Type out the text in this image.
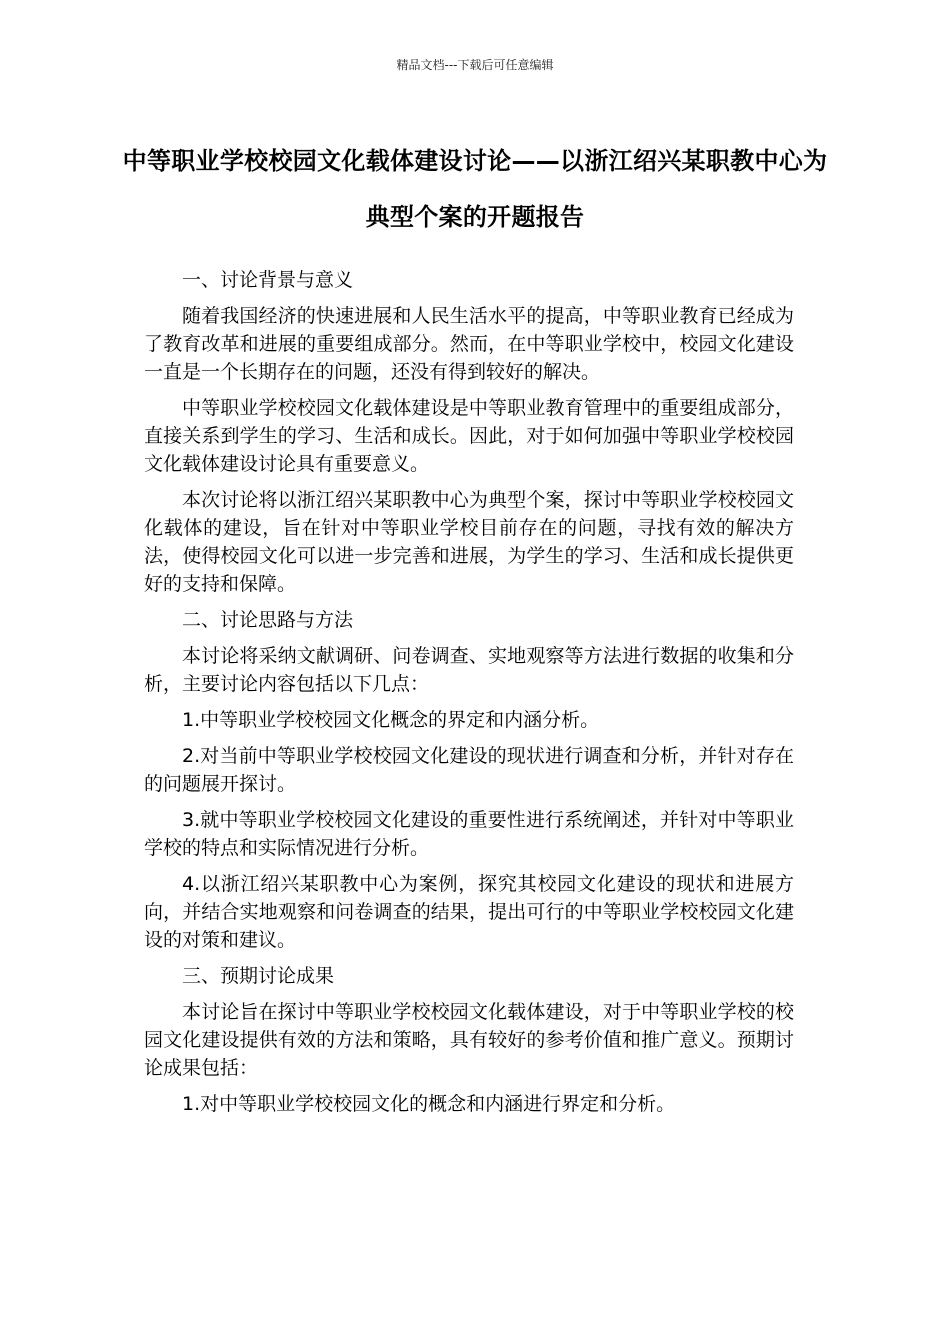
精品文档---下载后可任意编辑
中等职业学校校园文化载体建设讨论——以浙江绍兴某职教中心为典型个案的开题报告

一、讨论背景与意义

随着我国经济的快速进展和人民生活水平的提高，中等职业教育已经成为了教育改革和进展的重要组成部分。然而，在中等职业学校中，校园文化建设一直是一个长期存在的问题，还没有得到较好的解决。

中等职业学校校园文化载体建设是中等职业教育管理中的重要组成部分，直接关系到学生的学习、生活和成长。因此，对于如何加强中等职业学校校园文化载体建设讨论具有重要意义。

本次讨论将以浙江绍兴某职教中心为典型个案，探讨中等职业学校校园文化载体的建设，旨在针对中等职业学校目前存在的问题，寻找有效的解决方法，使得校园文化可以进一步完善和进展，为学生的学习、生活和成长提供更好的支持和保障。

二、讨论思路与方法

本讨论将采纳文献调研、问卷调查、实地观察等方法进行数据的收集和分析，主要讨论内容包括以下几点：

1.中等职业学校校园文化概念的界定和内涵分析。

2.对当前中等职业学校校园文化建设的现状进行调查和分析，并针对存在的问题展开探讨。

3.就中等职业学校校园文化建设的重要性进行系统阐述，并针对中等职业学校的特点和实际情况进行分析。

4.以浙江绍兴某职教中心为案例，探究其校园文化建设的现状和进展方向，并结合实地观察和问卷调查的结果，提出可行的中等职业学校校园文化建设的对策和建议。

三、预期讨论成果

本讨论旨在探讨中等职业学校校园文化载体建设，对于中等职业学校的校园文化建设提供有效的方法和策略，具有较好的参考价值和推广意义。预期讨论成果包括：

1.对中等职业学校校园文化的概念和内涵进行界定和分析。
